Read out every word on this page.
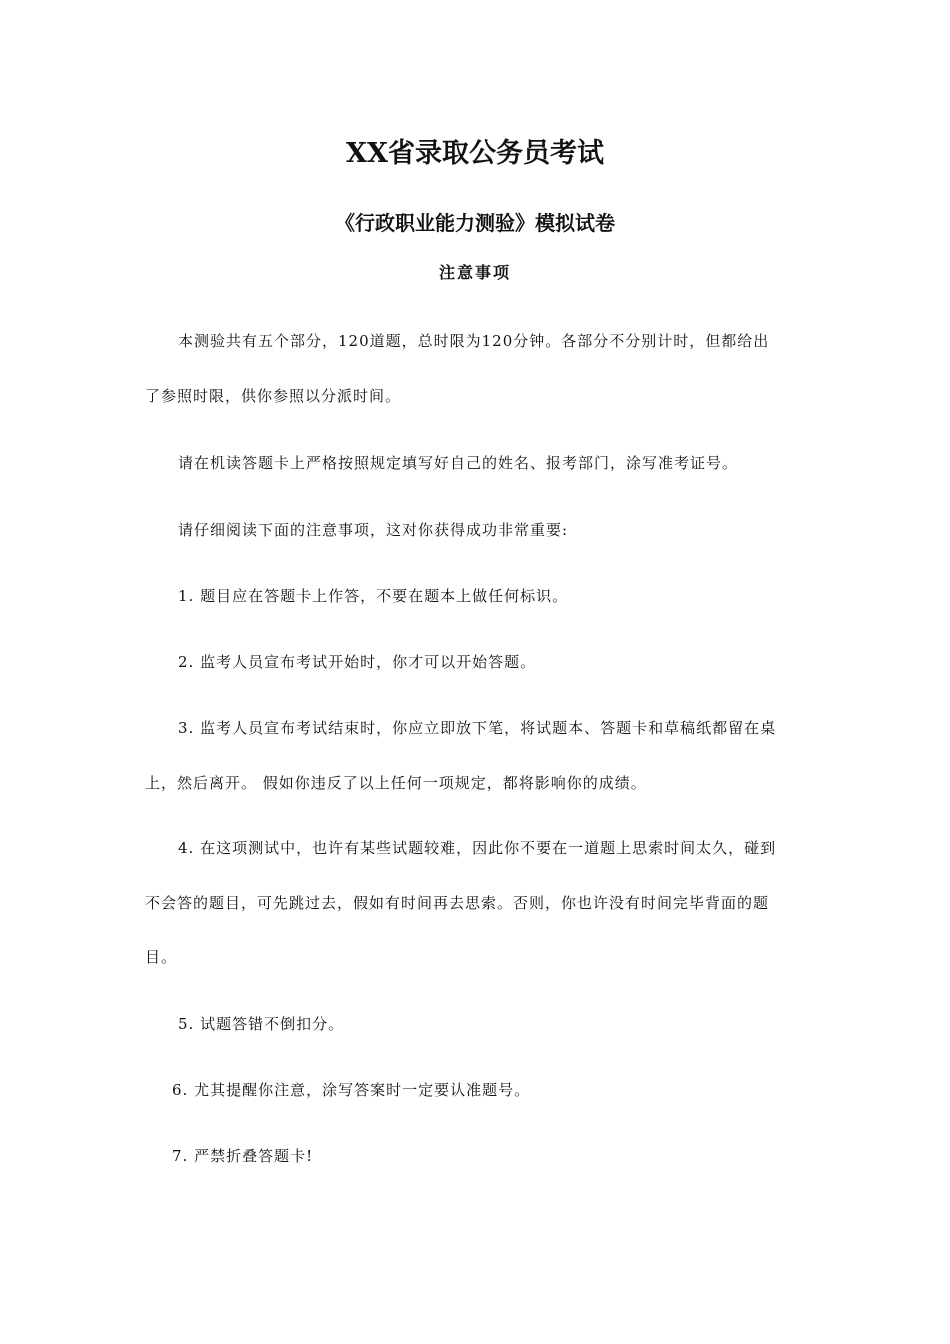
XX省录取公务员考试
《行政职业能力测验》模拟试卷
注意事项
本测验共有五个部分，120道题，总时限为120分钟。各部分不分别计时，但都给出
了参照时限，供你参照以分派时间。
请在机读答题卡上严格按照规定填写好自己的姓名、报考部门，涂写准考证号。
请仔细阅读下面的注意事项，这对你获得成功非常重要:
1. 题目应在答题卡上作答，不要在题本上做任何标识。
2. 监考人员宣布考试开始时，你才可以开始答题。
3. 监考人员宣布考试结束时，你应立即放下笔，将试题本、答题卡和草稿纸都留在桌
上，然后离开。 假如你违反了以上任何一项规定，都将影响你的成绩。
4. 在这项测试中，也许有某些试题较难，因此你不要在一道题上思索时间太久，碰到
不会答的题目，可先跳过去，假如有时间再去思索。否则，你也许没有时间完毕背面的题
目。
5. 试题答错不倒扣分。
6. 尤其提醒你注意，涂写答案时一定要认准题号。
7. 严禁折叠答题卡!
